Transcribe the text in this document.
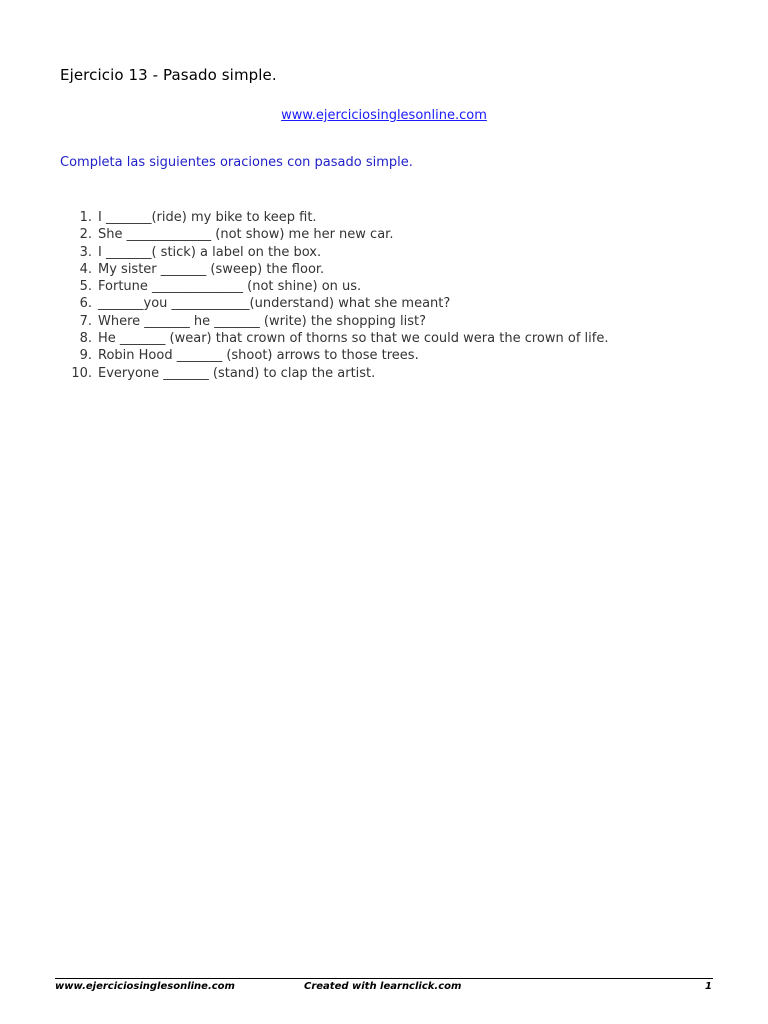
Ejercicio 13 - Pasado simple.
www.ejerciciosinglesonline.com
Completa las siguientes oraciones con pasado simple.
1. I _______(ride) my bike to keep fit.
2. She _____________ (not show) me her new car.
3. I _______( stick) a label on the box.
4. My sister _______ (sweep) the floor.
5. Fortune ______________ (not shine) on us.
6. _______you ____________(understand) what she meant?
7. Where _______ he _______ (write) the shopping list?
8. He _______ (wear) that crown of thorns so that we could wera the crown of life.
9. Robin Hood _______ (shoot) arrows to those trees.
10. Everyone _______ (stand) to clap the artist.
www.ejerciciosinglesonline.com	Created with learnclick.com	1
